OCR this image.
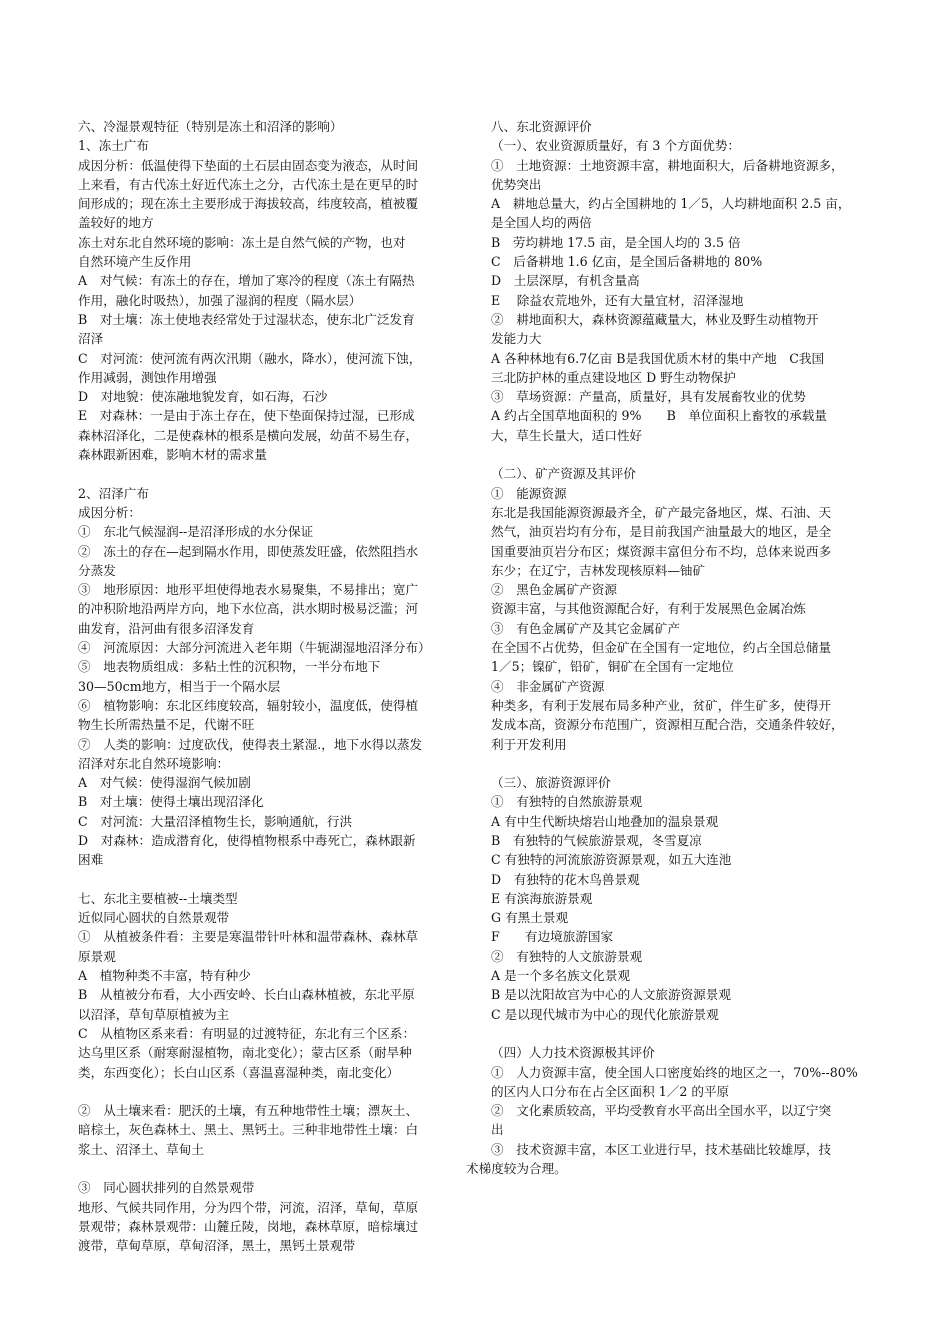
六、冷湿景观特征（特别是冻土和沼泽的影响）
1、冻土广布
成因分析：低温使得下垫面的土石层由固态变为液态，从时间
上来看，有古代冻土好近代冻土之分，古代冻土是在更早的时
间形成的；现在冻土主要形成于海拔较高，纬度较高，植被覆
盖较好的地方
冻土对东北自然环境的影响：冻土是自然气候的产物，也对
自然环境产生反作用
A　对气候：有冻土的存在，增加了寒冷的程度（冻土有隔热
作用，融化时吸热），加强了湿润的程度（隔水层）
B　对土壤：冻土使地表经常处于过湿状态，使东北广泛发育
沼泽
C　对河流：使河流有两次汛期（融水，降水），使河流下蚀，
作用减弱，测蚀作用增强
D　对地貌：使冻融地貌发育，如石海，石沙
E　对森林：一是由于冻土存在，使下垫面保持过湿，已形成
森林沼泽化，二是使森林的根系是横向发展，幼苗不易生存，
森林跟新困难，影响木材的需求量
2、沼泽广布
成因分析：
①　东北气候湿润--是沼泽形成的水分保证
②　冻土的存在—起到隔水作用，即使蒸发旺盛，依然阻挡水
分蒸发
③　地形原因：地形平坦使得地表水易聚集，不易排出；宽广
的冲积阶地沿两岸方向，地下水位高，洪水期时极易泛滥；河
曲发育，沿河曲有很多沼泽发育
④　河流原因：大部分河流进入老年期（牛轭湖湿地沼泽分布）
⑤　地表物质组成：多粘土性的沉积物，一半分布地下
30—50cm地方，相当于一个隔水层
⑥　植物影响：东北区纬度较高，辐射较小，温度低，使得植
物生长所需热量不足，代谢不旺
⑦　人类的影响：过度砍伐，使得表土紧湿.，地下水得以蒸发
沼泽对东北自然环境影响：
A　对气候：使得湿润气候加剧
B　对土壤：使得土壤出现沼泽化
C　对河流：大量沼泽植物生长，影响通航，行洪
D　对森林：造成潜育化，使得植物根系中毒死亡，森林跟新
困难
七、东北主要植被--土壤类型
近似同心圆状的自然景观带
①　从植被条件看：主要是寒温带针叶林和温带森林、森林草
原景观
A　植物种类不丰富，特有种少
B　从植被分布看，大小西安岭、长白山森林植被，东北平原
以沼泽，草旬草原植被为主
C　从植物区系来看：有明显的过渡特征，东北有三个区系：
达乌里区系（耐寒耐湿植物，南北变化）；蒙古区系（耐旱种
类，东西变化）；长白山区系（喜温喜湿种类，南北变化）
②　从土壤来看：肥沃的土壤，有五种地带性土壤；漂灰土、
暗棕土，灰色森林土、黑土、黑钙土。三种非地带性土壤：白
浆土、沼泽土、草甸土
③　同心圆状排列的自然景观带
地形、气候共同作用，分为四个带，河流，沼泽，草甸，草原
景观带；森林景观带：山麓丘陵，岗地，森林草原，暗棕壤过
渡带，草甸草原，草甸沼泽，黑土，黑钙土景观带
八、东北资源评价
（一）、农业资源质量好，有 3 个方面优势：
①　土地资源：土地资源丰富，耕地面积大，后备耕地资源多，
优势突出
A　耕地总量大，约占全国耕地的 1／5，人均耕地面积 2.5 亩，
是全国人均的两倍
B　劳均耕地 17.5 亩，是全国人均的 3.5 倍
C　后备耕地 1.6 亿亩，是全国后备耕地的 80%
D　土层深厚，有机含量高
E　 除益农荒地外，还有大量宜材，沼泽湿地
②　耕地面积大，森林资源蕴藏量大，林业及野生动植物开
发能力大
A 各种林地有6.7亿亩 B是我国优质木材的集中产地　C我国
三北防护林的重点建设地区 D 野生动物保护
③　草场资源：产量高，质量好，具有发展畜牧业的优势
A 约占全国草地面积的 9%　　B　单位面积上畜牧的承载量
大，草生长量大，适口性好
（二）、矿产资源及其评价
①　能源资源
东北是我国能源资源最齐全，矿产最完备地区，煤、石油、天
然气，油页岩均有分布，是目前我国产油量最大的地区，是全
国重要油页岩分布区；煤资源丰富但分布不均，总体来说西多
东少；在辽宁，吉林发现核原料—铀矿
②　黑色金属矿产资源
资源丰富，与其他资源配合好，有利于发展黑色金属冶炼
③　有色金属矿产及其它金属矿产
在全国不占优势，但金矿在全国有一定地位，约占全国总储量
1／5；镍矿，铅矿，铜矿在全国有一定地位
④　非金属矿产资源
种类多，有利于发展布局多种产业，贫矿，伴生矿多，使得开
发成本高，资源分布范围广，资源相互配合浩，交通条件较好，
利于开发利用
（三）、旅游资源评价
①　有独特的自然旅游景观
A 有中生代断块熔岩山地叠加的温泉景观
B　有独特的气候旅游景观，冬雪夏凉
C 有独特的河流旅游资源景观，如五大连池
D　有独特的花木鸟兽景观
E 有滨海旅游景观
G 有黑土景观
F　　有边境旅游国家
②　有独特的人文旅游景观
A 是一个多名族文化景观
B 是以沈阳故宫为中心的人文旅游资源景观
C 是以现代城市为中心的现代化旅游景观
（四）人力技术资源极其评价
①　人力资源丰富，使全国人口密度始终的地区之一，70%--80%
的区内人口分布在占全区面积 1／2 的平原
②　文化素质较高，平均受教育水平高出全国水平，以辽宁突
出
③　技术资源丰富，本区工业进行早，技术基础比较雄厚，技
术梯度较为合理。
